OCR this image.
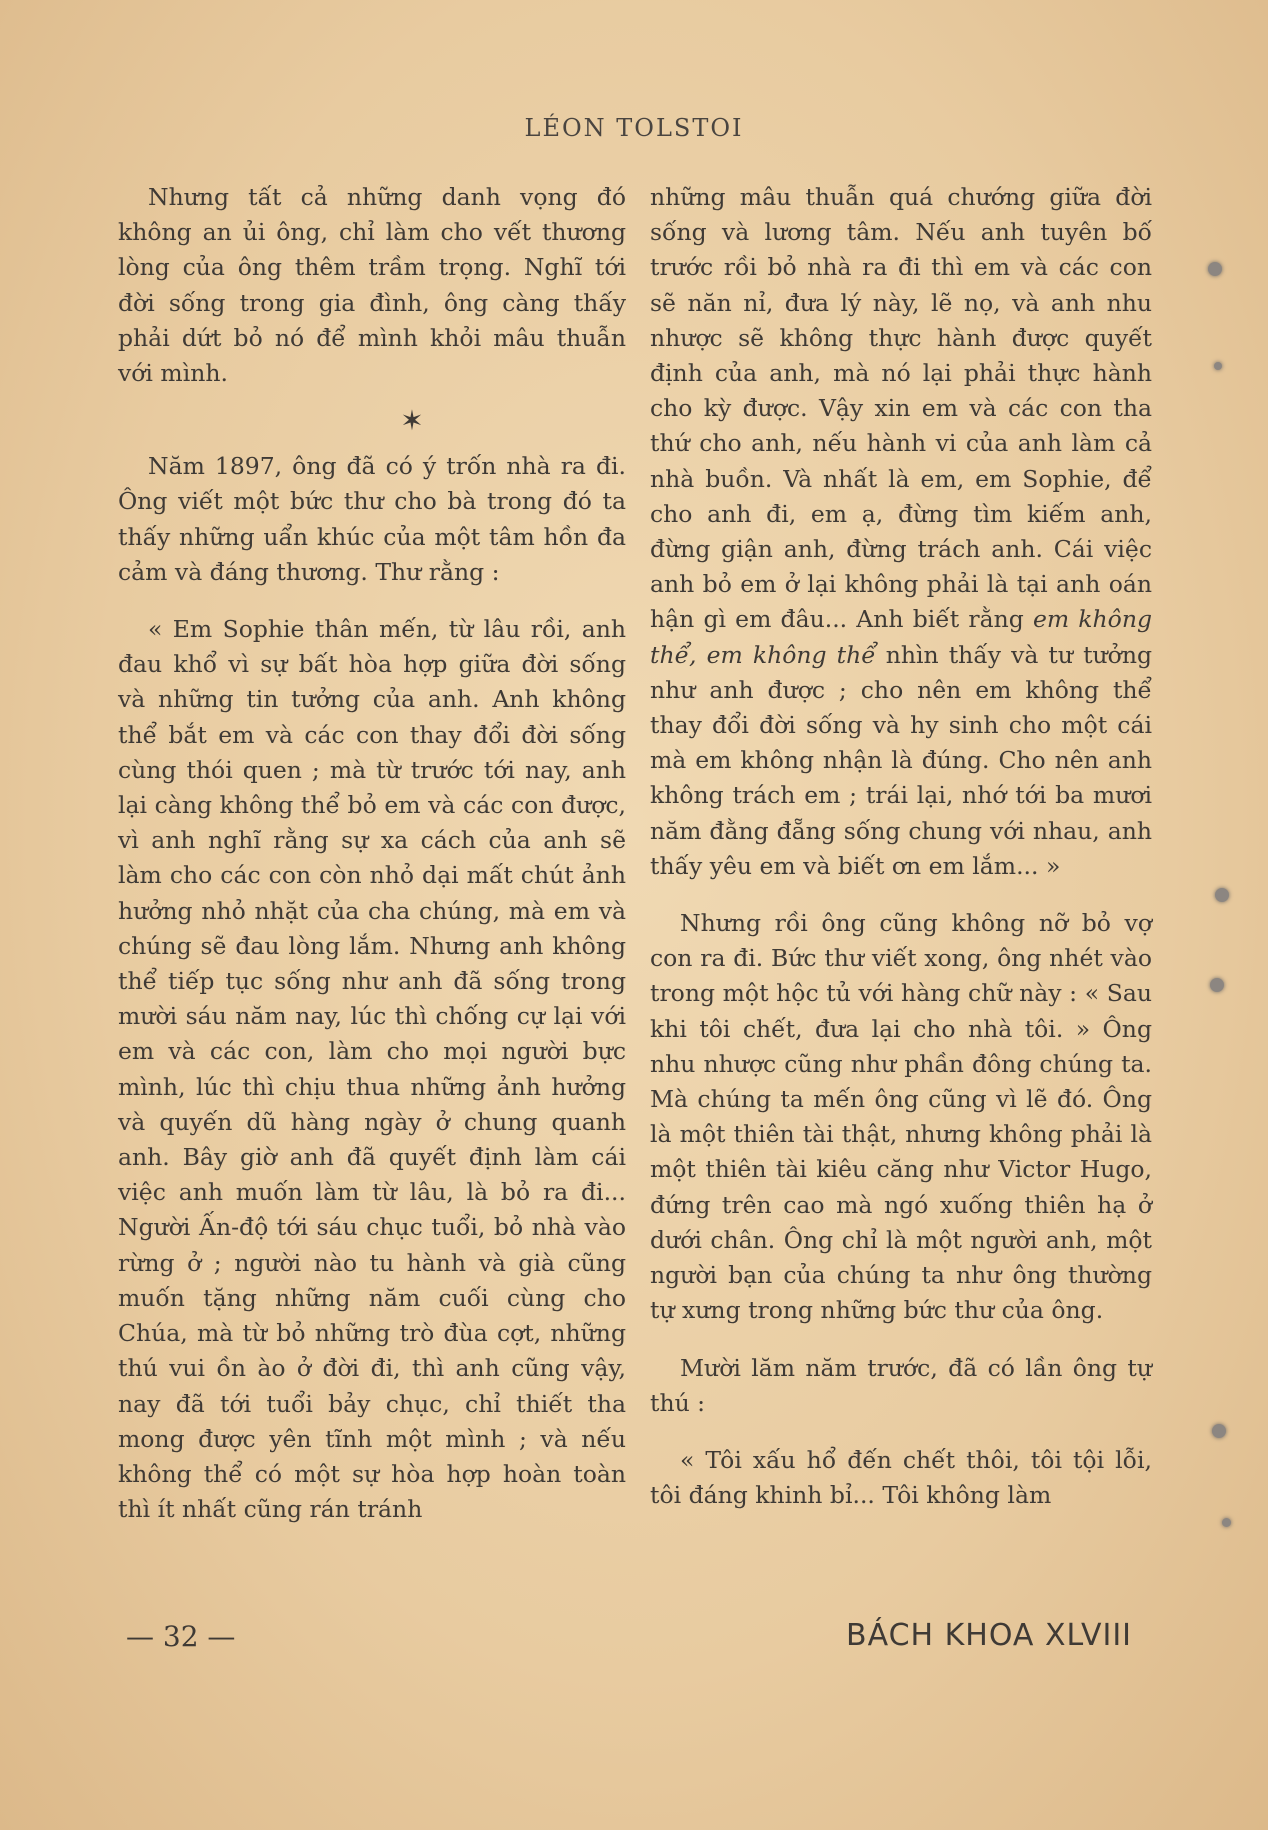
LÉON TOLSTOI

Nhưng tất cả những danh vọng đó không an ủi ông, chỉ làm cho vết thương lòng của ông thêm trầm trọng. Nghĩ tới đời sống trong gia đình, ông càng thấy phải dứt bỏ nó để mình khỏi mâu thuẫn với mình.

✶

Năm 1897, ông đã có ý trốn nhà ra đi. Ông viết một bức thư cho bà trong đó ta thấy những uẩn khúc của một tâm hồn đa cảm và đáng thương. Thư rằng :

« Em Sophie thân mến, từ lâu rồi, anh đau khổ vì sự bất hòa hợp giữa đời sống và những tin tưởng của anh. Anh không thể bắt em và các con thay đổi đời sống cùng thói quen ; mà từ trước tới nay, anh lại càng không thể bỏ em và các con được, vì anh nghĩ rằng sự xa cách của anh sẽ làm cho các con còn nhỏ dại mất chút ảnh hưởng nhỏ nhặt của cha chúng, mà em và chúng sẽ đau lòng lắm. Nhưng anh không thể tiếp tục sống như anh đã sống trong mười sáu năm nay, lúc thì chống cự lại với em và các con, làm cho mọi người bực mình, lúc thì chịu thua những ảnh hưởng và quyến dũ hàng ngày ở chung quanh anh. Bây giờ anh đã quyết định làm cái việc anh muốn làm từ lâu, là bỏ ra đi... Người Ấn-độ tới sáu chục tuổi, bỏ nhà vào rừng ở ; người nào tu hành và già cũng muốn tặng những năm cuối cùng cho Chúa, mà từ bỏ những trò đùa cợt, những thú vui ồn ào ở đời đi, thì anh cũng vậy, nay đã tới tuổi bảy chục, chỉ thiết tha mong được yên tĩnh một mình ; và nếu không thể có một sự hòa hợp hoàn toàn thì ít nhất cũng rán tránh

những mâu thuẫn quá chướng giữa đời sống và lương tâm. Nếu anh tuyên bố trước rồi bỏ nhà ra đi thì em và các con sẽ năn nỉ, đưa lý này, lẽ nọ, và anh nhu nhược sẽ không thực hành được quyết định của anh, mà nó lại phải thực hành cho kỳ được. Vậy xin em và các con tha thứ cho anh, nếu hành vi của anh làm cả nhà buồn. Và nhất là em, em Sophie, để cho anh đi, em ạ, đừng tìm kiếm anh, đừng giận anh, đừng trách anh. Cái việc anh bỏ em ở lại không phải là tại anh oán hận gì em đâu... Anh biết rằng em không thể, em không thể nhìn thấy và tư tưởng như anh được ; cho nên em không thể thay đổi đời sống và hy sinh cho một cái mà em không nhận là đúng. Cho nên anh không trách em ; trái lại, nhớ tới ba mươi năm đằng đẵng sống chung với nhau, anh thấy yêu em và biết ơn em lắm... »

Nhưng rồi ông cũng không nỡ bỏ vợ con ra đi. Bức thư viết xong, ông nhét vào trong một hộc tủ với hàng chữ này : « Sau khi tôi chết, đưa lại cho nhà tôi. » Ông nhu nhược cũng như phần đông chúng ta. Mà chúng ta mến ông cũng vì lẽ đó. Ông là một thiên tài thật, nhưng không phải là một thiên tài kiêu căng như Victor Hugo, đứng trên cao mà ngó xuống thiên hạ ở dưới chân. Ông chỉ là một người anh, một người bạn của chúng ta như ông thường tự xưng trong những bức thư của ông.

Mười lăm năm trước, đã có lần ông tự thú :

« Tôi xấu hổ đến chết thôi, tôi tội lỗi, tôi đáng khinh bỉ... Tôi không làm

— 32 —	BÁCH KHOA XLVIII
